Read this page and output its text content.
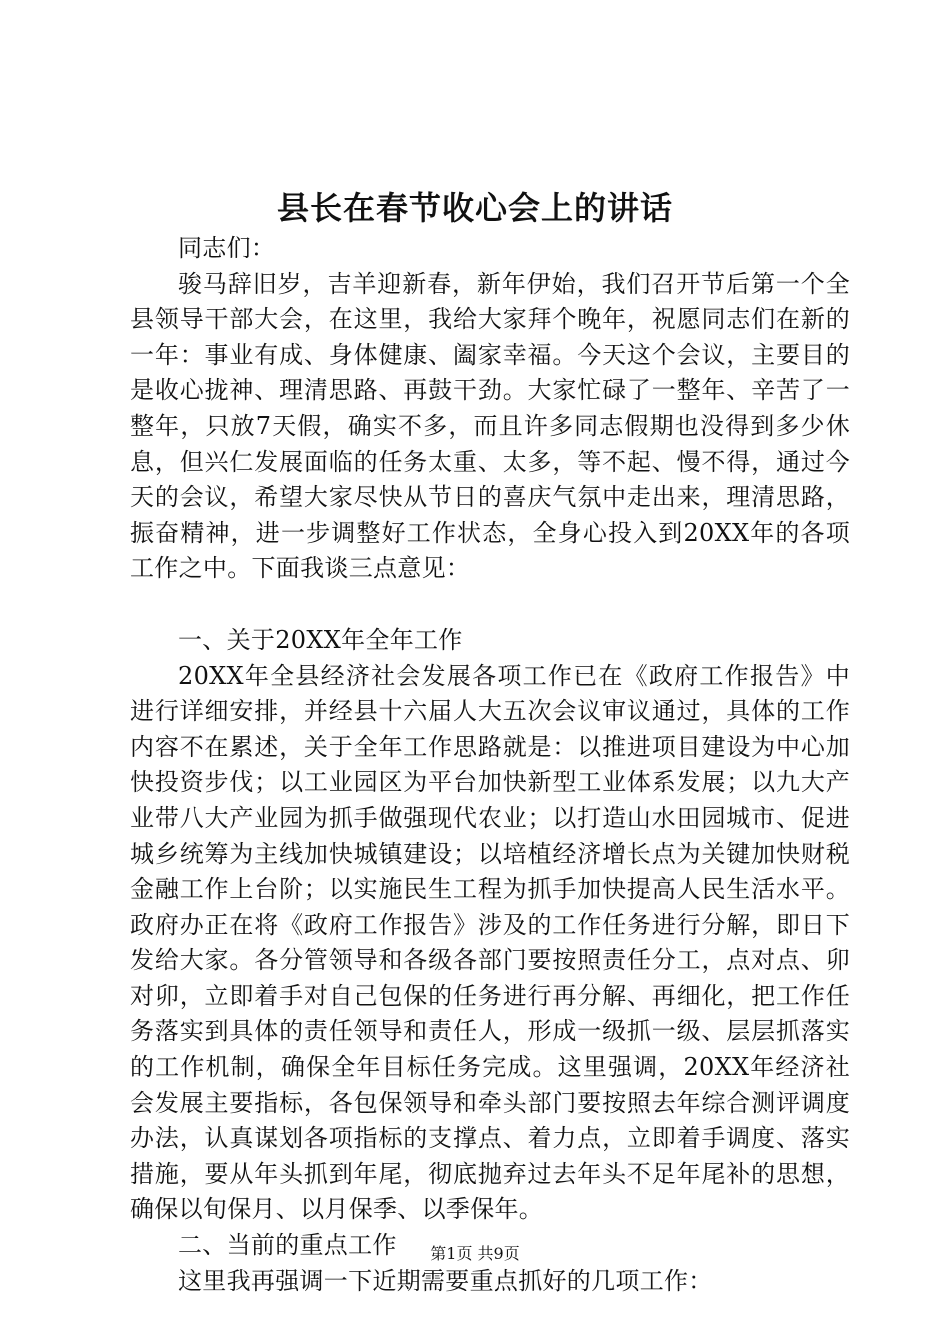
县长在春节收心会上的讲话

同志们：

骏马辞旧岁，吉羊迎新春，新年伊始，我们召开节后第一个全县领导干部大会，在这里，我给大家拜个晚年，祝愿同志们在新的一年：事业有成、身体健康、阖家幸福。今天这个会议，主要目的是收心拢神、理清思路、再鼓干劲。大家忙碌了一整年、辛苦了一整年，只放7天假，确实不多，而且许多同志假期也没得到多少休息，但兴仁发展面临的任务太重、太多，等不起、慢不得，通过今天的会议，希望大家尽快从节日的喜庆气氛中走出来，理清思路，振奋精神，进一步调整好工作状态，全身心投入到20XX年的各项工作之中。下面我谈三点意见：

一、关于20XX年全年工作

20XX年全县经济社会发展各项工作已在《政府工作报告》中进行详细安排，并经县十六届人大五次会议审议通过，具体的工作内容不在累述，关于全年工作思路就是：以推进项目建设为中心加快投资步伐；以工业园区为平台加快新型工业体系发展；以九大产业带八大产业园为抓手做强现代农业；以打造山水田园城市、促进城乡统筹为主线加快城镇建设；以培植经济增长点为关键加快财税金融工作上台阶；以实施民生工程为抓手加快提高人民生活水平。政府办正在将《政府工作报告》涉及的工作任务进行分解，即日下发给大家。各分管领导和各级各部门要按照责任分工，点对点、卯对卯，立即着手对自己包保的任务进行再分解、再细化，把工作任务落实到具体的责任领导和责任人，形成一级抓一级、层层抓落实的工作机制，确保全年目标任务完成。这里强调，20XX年经济社会发展主要指标，各包保领导和牵头部门要按照去年综合测评调度办法，认真谋划各项指标的支撑点、着力点，立即着手调度、落实措施，要从年头抓到年尾，彻底抛弃过去年头不足年尾补的思想，确保以旬保月、以月保季、以季保年。

二、当前的重点工作

这里我再强调一下近期需要重点抓好的几项工作：

第1页 共9页
